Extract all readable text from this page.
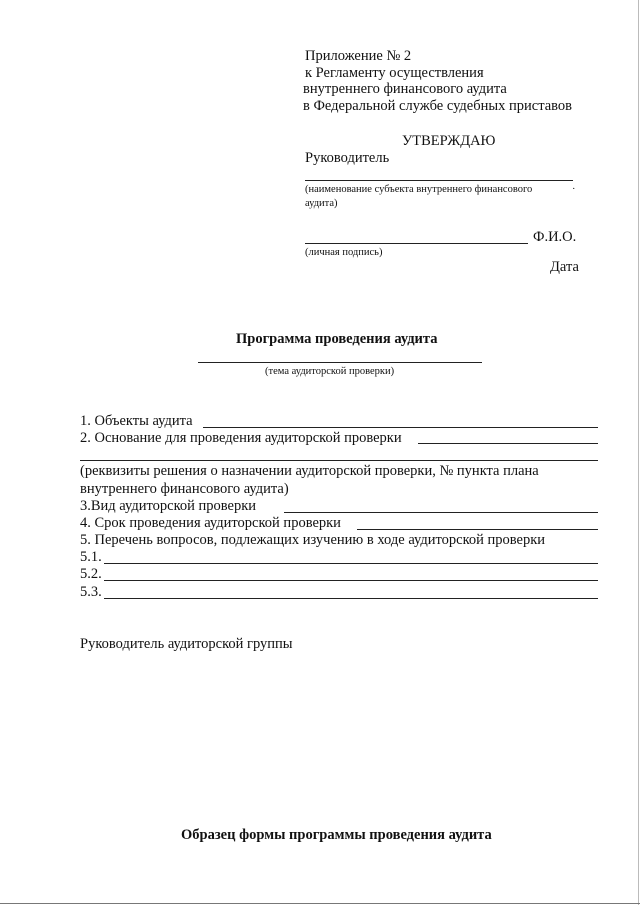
Приложение № 2
к Регламенту осуществления
внутреннего финансового аудита
в Федеральной службе судебных приставов
УТВЕРЖДАЮ
Руководитель
(наименование субъекта внутреннего финансового	·
аудита)
Ф.И.О.
(личная подпись)
Дата
Программа проведения аудита
(тема аудиторской проверки)
1. Объекты аудита
2. Основание для проведения аудиторской проверки
(реквизиты решения о назначении аудиторской проверки, № пункта плана
внутреннего финансового аудита)
3.Вид аудиторской проверки
4. Срок проведения аудиторской проверки
5. Перечень вопросов, подлежащих изучению в ходе аудиторской проверки
5.1.
5.2.
5.3.
Руководитель аудиторской группы
Образец формы программы проведения аудита
